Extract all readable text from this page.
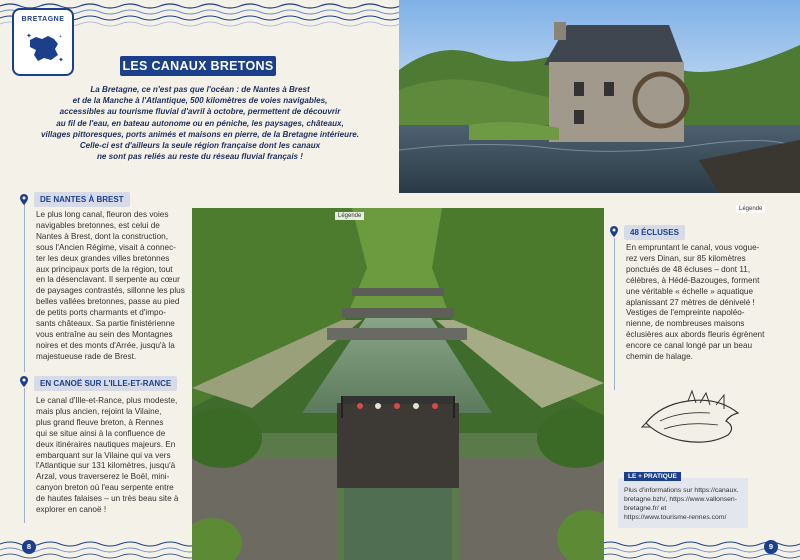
BRETAGNE
✦
✦
+
LES CANAUX BRETONS
La Bretagne, ce n'est pas que l'océan : de Nantes à Brest
et de la Manche à l'Atlantique, 500 kilomètres de voies navigables,
accessibles au tourisme fluvial d'avril à octobre, permettent de découvrir
au fil de l'eau, en bateau autonome ou en péniche, les paysages, châteaux,
villages pittoresques, ports animés et maisons en pierre, de la Bretagne intérieure.
Celle-ci est d'ailleurs la seule région française dont les canaux
ne sont pas reliés au reste du réseau fluvial français !
Légende
Légende
DE NANTES À BREST
Le plus long canal, fleuron des voies
navigables bretonnes, est celui de
Nantes à Brest, dont la construction,
sous l'Ancien Régime, visait à connec-
ter les deux grandes villes bretonnes
aux principaux ports de la région, tout
en la désenclavant. Il serpente au cœur
de paysages contrastés, sillonne les plus
belles vallées bretonnes, passe au pied
de petits ports charmants et d'impo-
sants châteaux. Sa partie finistérienne
vous entraîne au sein des Montagnes
noires et des monts d'Arrée, jusqu'à la
majestueuse rade de Brest.
EN CANOË SUR L'ILLE-ET-RANCE
Le canal d'Ille-et-Rance, plus modeste,
mais plus ancien, rejoint la Vilaine,
plus grand fleuve breton, à Rennes
qui se situe ainsi à la confluence de
deux itinéraires nautiques majeurs. En
embarquant sur la Vilaine qui va vers
l'Atlantique sur 131 kilomètres, jusqu'à
Arzal, vous traverserez le Boël, mini-
canyon breton où l'eau serpente entre
de hautes falaises – un très beau site à
explorer en canoë !
48 ÉCLUSES
En empruntant le canal, vous vogue-
rez vers Dinan, sur 85 kilomètres
ponctués de 48 écluses – dont 11,
célèbres, à Hédé-Bazouges, forment
une véritable « échelle » aquatique
aplanissant 27 mètres de dénivelé !
Vestiges de l'empreinte napoléo-
nienne, de nombreuses maisons
éclusières aux abords fleuris égrènent
encore ce canal longé par un beau
chemin de halage.
LE + PRATIQUE
Plus d'informations sur https://canaux.
bretagne.bzh/, https://www.vallonsen-
bretagne.fr/ et
https://www.tourisme-rennes.com/
8	9
